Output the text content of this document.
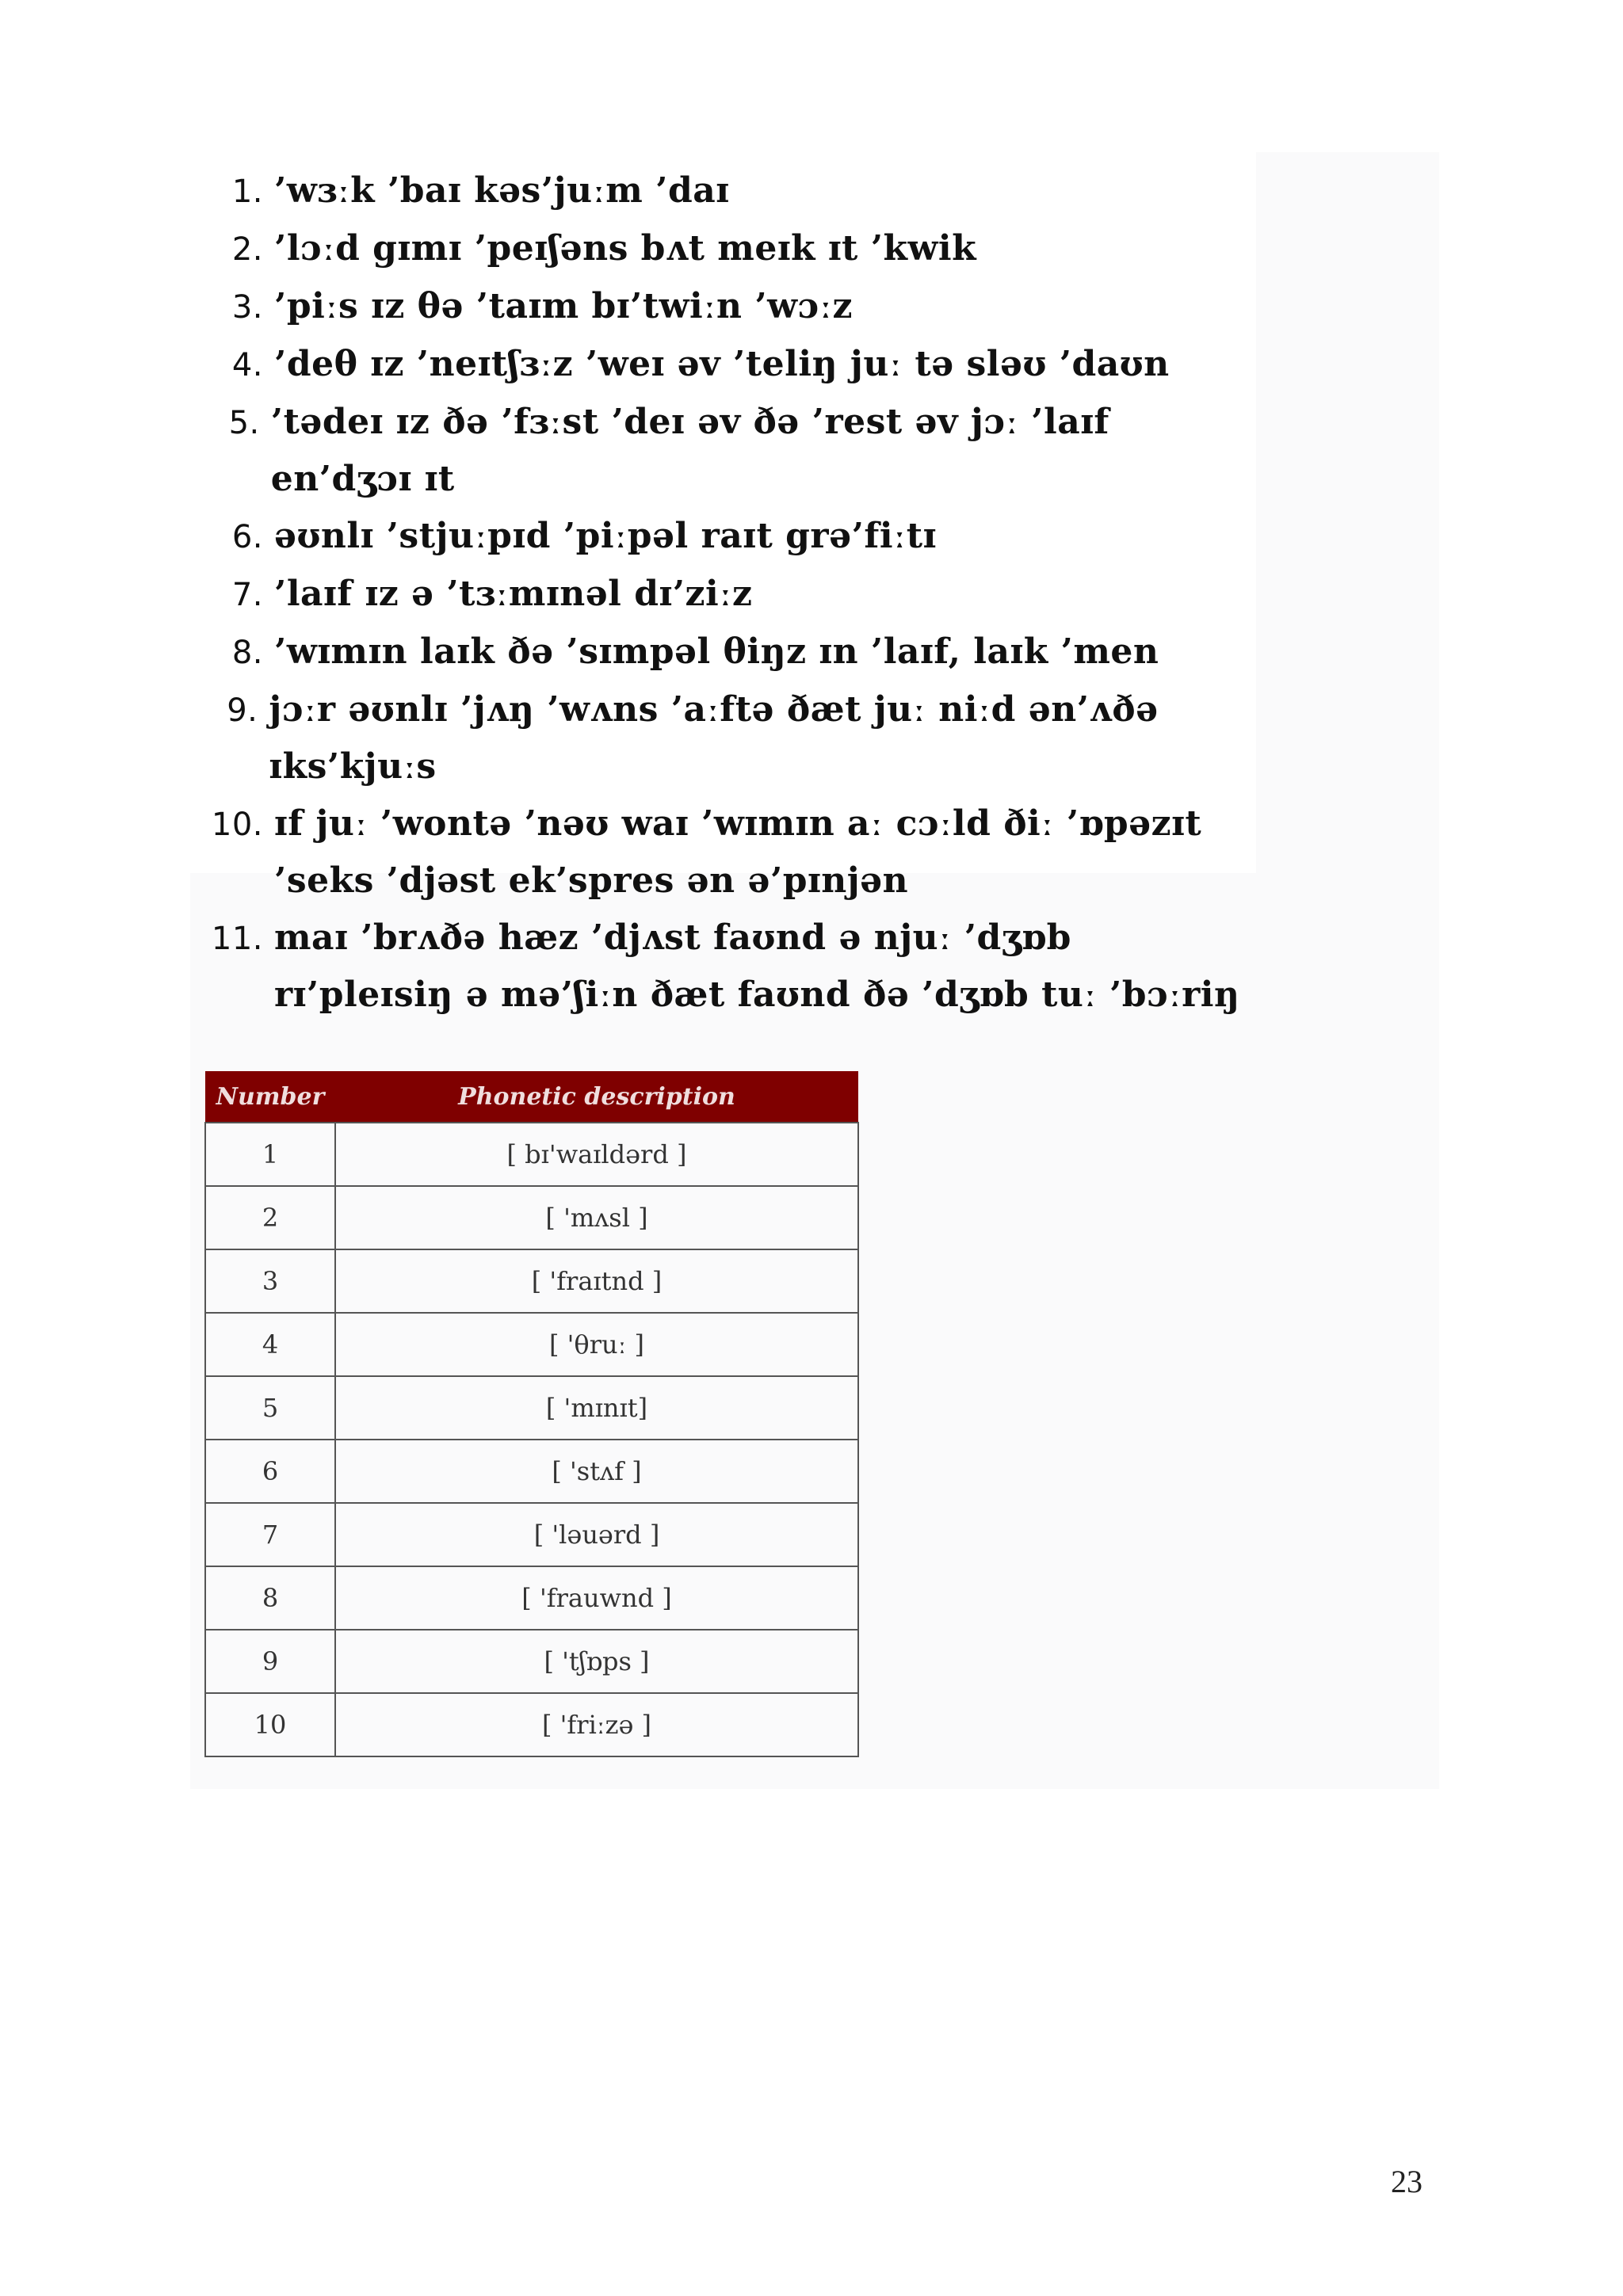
1. ’wɜːk ’baɪ kəs’juːm ’daɪ
2. ’lɔːd gɪmɪ ’peɪʃəns bʌt meɪk ɪt ’kwik
3. ’piːs ɪz θə ’taɪm bɪ’twiːn ’wɔːz
4. ’deθ ɪz ’neɪtʃɜːz ’weɪ əv ’teliŋ juː tə sləʊ ’daʊn
5. ’tədeɪ ɪz ðə ’fɜːst ’deɪ əv ðə ’rest əv jɔː ’laɪf en’dʒɔɪ ɪt
6. əʊnlɪ ’stjuːpɪd ’piːpəl raɪt grə’fiːtɪ
7. ’laɪf ɪz ə ’tɜːmɪnəl dɪ’ziːz
8. ’wɪmɪn laɪk ðə ’sɪmpəl θiŋz ɪn ’laɪf, laɪk ’men
9. jɔːr əʊnlɪ ’jʌŋ ’wʌns ’aːftə ðæt juː niːd ən’ʌðə ɪks’kjuːs
10. ɪf juː ’wontə ’nəʊ waɪ ’wɪmɪn aː cɔːld ðiː ’ɒpəzɪt
’seks ’djəst ek’spres ən ə’pɪnjən
11. maɪ ’brʌðə hæz ’djʌst faʊnd ə njuː ’dʒɒb
rɪ’pleɪsiŋ ə mə’ʃiːn ðæt faʊnd ðə ’dʒɒb tuː ’bɔːriŋ
Number	Phonetic description
1	[ bɪ'waɪldərd ]
2	[ 'mʌsl ]
3	[ 'fraɪtnd ]
4	[ 'θruː ]
5	[ 'mɪnɪt]
6	[ 'stʌf ]
7	[ 'ləuərd ]
8	[ 'frauwnd ]
9	[ 'tʃɒps ]
10	[ 'friːzə ]
23
